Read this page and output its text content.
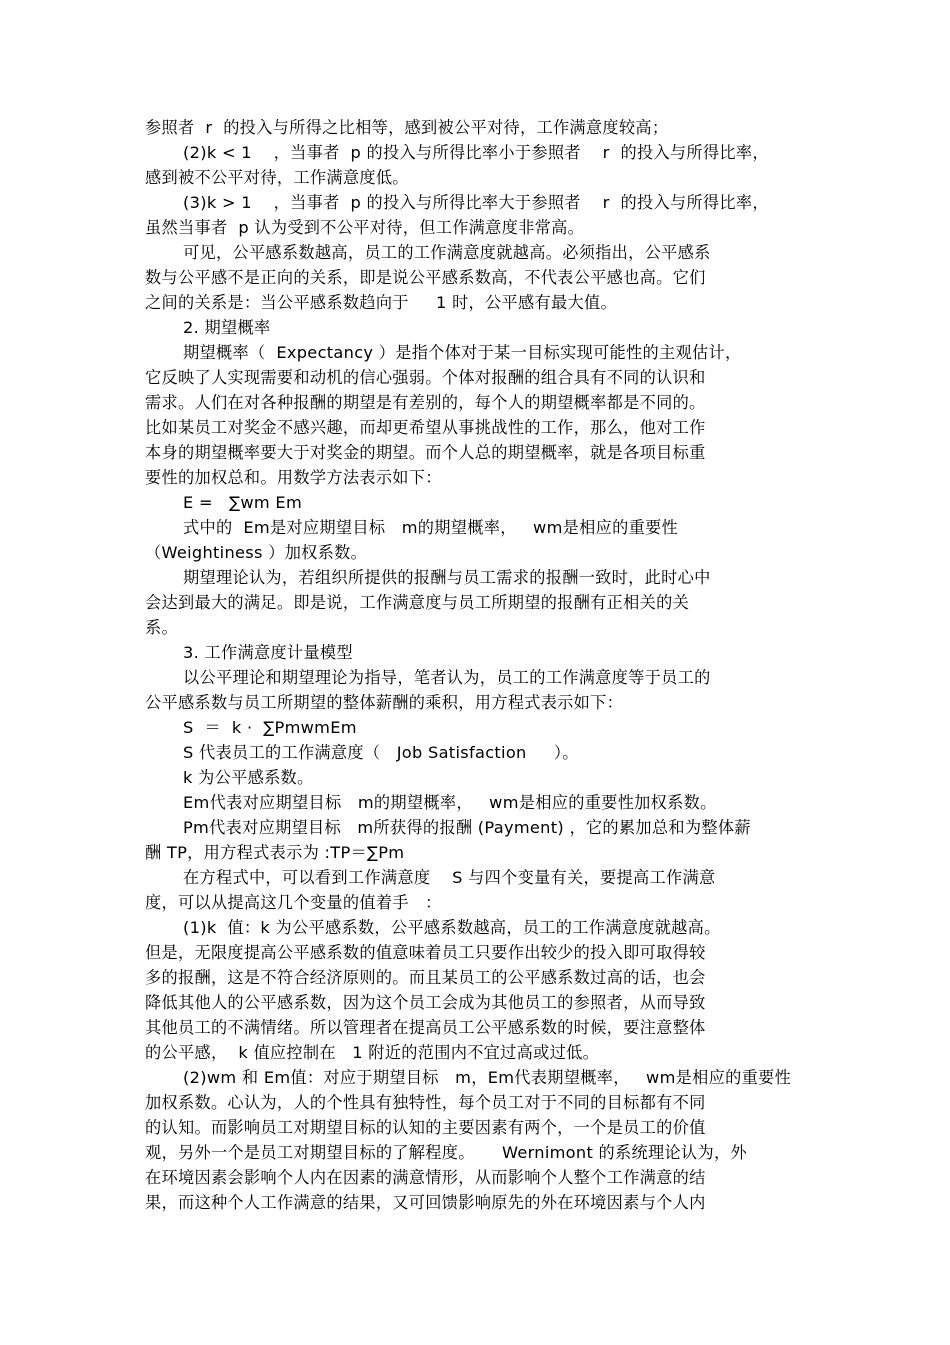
参照者  r  的投入与所得之比相等，感到被公平对待，工作满意度较高；
(2)k < 1    ，当事者  p 的投入与所得比率小于参照者    r  的投入与所得比率，
感到被不公平对待，工作满意度低。
(3)k > 1    ，当事者  p 的投入与所得比率大于参照者    r  的投入与所得比率，
虽然当事者  p 认为受到不公平对待，但工作满意度非常高。
可见，公平感系数越高，员工的工作满意度就越高。必须指出，公平感系
数与公平感不是正向的关系，即是说公平感系数高，不代表公平感也高。它们
之间的关系是：当公平感系数趋向于     1 时，公平感有最大值。
2. 期望概率
期望概率（  Expectancy ）是指个体对于某一目标实现可能性的主观估计，
它反映了人实现需要和动机的信心强弱。个体对报酬的组合具有不同的认识和
需求。人们在对各种报酬的期望是有差别的，每个人的期望概率都是不同的。
比如某员工对奖金不感兴趣，而却更希望从事挑战性的工作，那么，他对工作
本身的期望概率要大于对奖金的期望。而个人总的期望概率，就是各项目标重
要性的加权总和。用数学方法表示如下：
E =   ∑wm Em
式中的  Em是对应期望目标   m的期望概率，   wm是相应的重要性
（Weightiness ）加权系数。
期望理论认为，若组织所提供的报酬与员工需求的报酬一致时，此时心中
会达到最大的满足。即是说，工作满意度与员工所期望的报酬有正相关的关
系。
3. 工作满意度计量模型
以公平理论和期望理论为指导，笔者认为，员工的工作满意度等于员工的
公平感系数与员工所期望的整体薪酬的乘积，用方程式表示如下：
S  ＝  k ·  ∑PmwmEm
S 代表员工的工作满意度（   Job Satisfaction     ）。
k 为公平感系数。
Em代表对应期望目标   m的期望概率，   wm是相应的重要性加权系数。
Pm代表对应期望目标   m所获得的报酬 (Payment) ，它的累加总和为整体薪
酬 TP，用方程式表示为 :TP＝∑Pm
在方程式中，可以看到工作满意度    S 与四个变量有关，要提高工作满意
度，可以从提高这几个变量的值着手   ：
(1)k  值：k 为公平感系数，公平感系数越高，员工的工作满意度就越高。
但是，无限度提高公平感系数的值意味着员工只要作出较少的投入即可取得较
多的报酬，这是不符合经济原则的。而且某员工的公平感系数过高的话，也会
降低其他人的公平感系数，因为这个员工会成为其他员工的参照者，从而导致
其他员工的不满情绪。所以管理者在提高员工公平感系数的时候，要注意整体
的公平感，  k 值应控制在   1 附近的范围内不宜过高或过低。
(2)wm 和 Em值：对应于期望目标   m，Em代表期望概率，   wm是相应的重要性
加权系数。心认为，人的个性具有独特性，每个员工对于不同的目标都有不同
的认知。而影响员工对期望目标的认知的主要因素有两个，一个是员工的价值
观，另外一个是员工对期望目标的了解程度。     Wernimont 的系统理论认为，外
在环境因素会影响个人内在因素的满意情形，从而影响个人整个工作满意的结
果，而这种个人工作满意的结果，又可回馈影响原先的外在环境因素与个人内
